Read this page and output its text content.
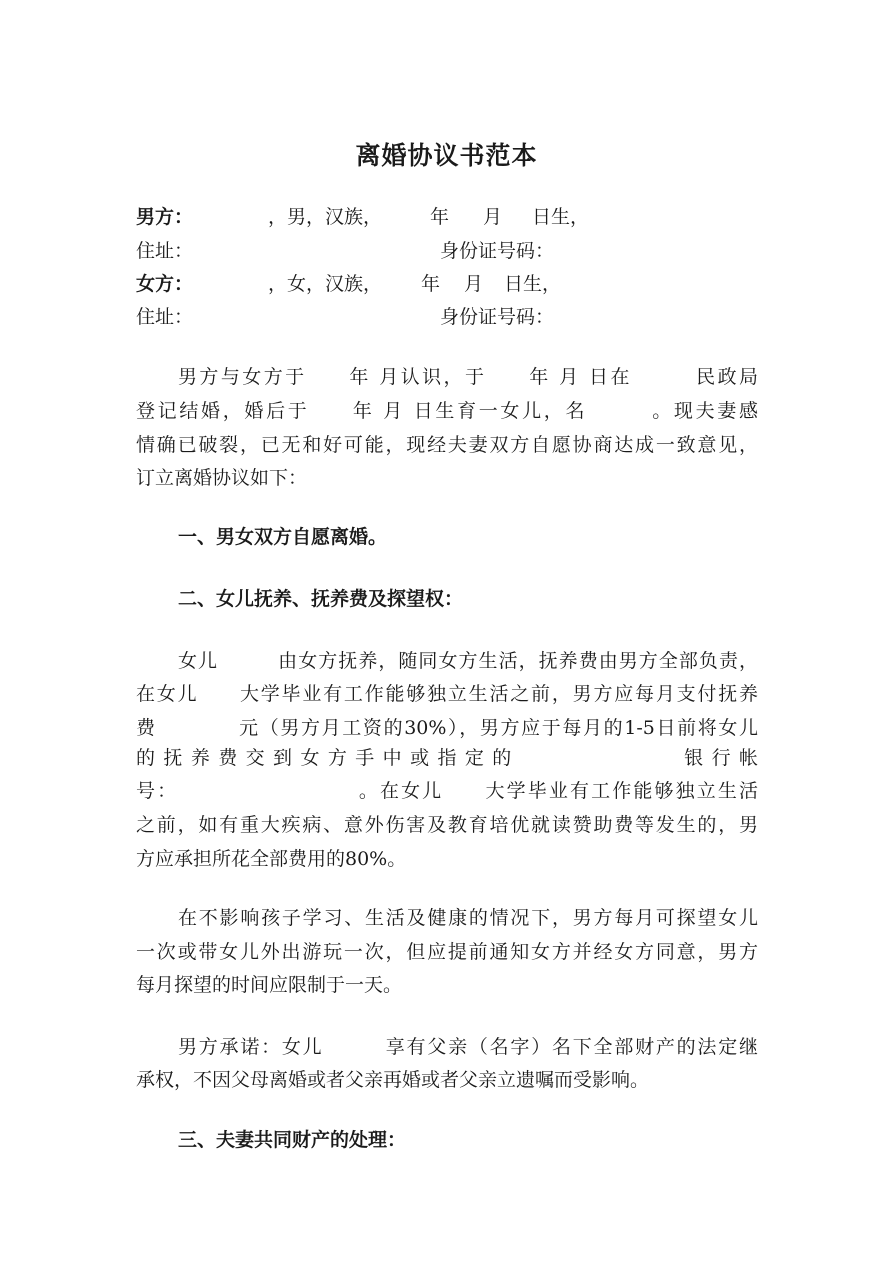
离婚协议书范本
男方：	，男，汉族，	年 月 日生，
住址：	身份证号码：
女方：	，女，汉族， 年 月 日生，
住址：	身份证号码：
男方与女方于　　年 月认识，于　　年 月 日在　　　民政局
登记结婚，婚后于　　年 月 日生育一女儿，名　　　。现夫妻感
情确已破裂，已无和好可能，现经夫妻双方自愿协商达成一致意见，
订立离婚协议如下：
一、男女双方自愿离婚。
二、女儿抚养、抚养费及探望权：
女儿　　　由女方抚养，随同女方生活，抚养费由男方全部负责，
在女儿　　大学毕业有工作能够独立生活之前，男方应每月支付抚养
费　　　　元（男方月工资的30%），男方应于每月的1-5日前将女儿
的抚养费交到女方手中或指定的　　　　　　银行帐
号：　　　　　　　　　。在女儿　　大学毕业有工作能够独立生活
之前，如有重大疾病、意外伤害及教育培优就读赞助费等发生的，男
方应承担所花全部费用的80%。
在不影响孩子学习、生活及健康的情况下，男方每月可探望女儿
一次或带女儿外出游玩一次，但应提前通知女方并经女方同意，男方
每月探望的时间应限制于一天。
男方承诺：女儿　　　享有父亲（名字）名下全部财产的法定继
承权，不因父母离婚或者父亲再婚或者父亲立遗嘱而受影响。
三、夫妻共同财产的处理：
